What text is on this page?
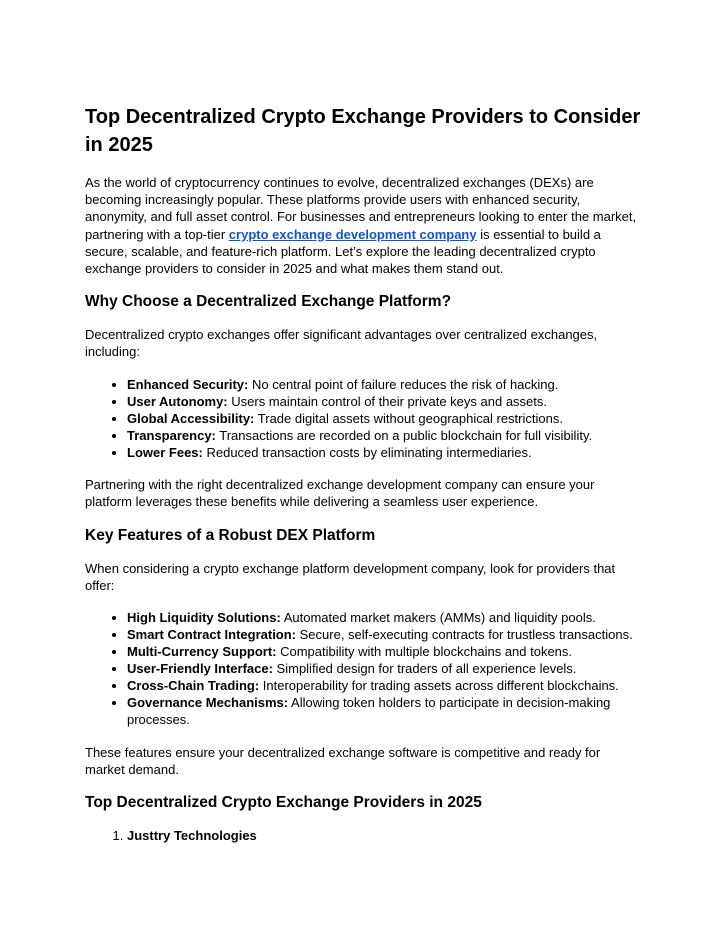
Top Decentralized Crypto Exchange Providers to Consider in 2025

As the world of cryptocurrency continues to evolve, decentralized exchanges (DEXs) are becoming increasingly popular. These platforms provide users with enhanced security, anonymity, and full asset control. For businesses and entrepreneurs looking to enter the market, partnering with a top-tier crypto exchange development company is essential to build a secure, scalable, and feature-rich platform. Let’s explore the leading decentralized crypto exchange providers to consider in 2025 and what makes them stand out.

Why Choose a Decentralized Exchange Platform?

Decentralized crypto exchanges offer significant advantages over centralized exchanges, including:

• Enhanced Security: No central point of failure reduces the risk of hacking.
• User Autonomy: Users maintain control of their private keys and assets.
• Global Accessibility: Trade digital assets without geographical restrictions.
• Transparency: Transactions are recorded on a public blockchain for full visibility.
• Lower Fees: Reduced transaction costs by eliminating intermediaries.

Partnering with the right decentralized exchange development company can ensure your platform leverages these benefits while delivering a seamless user experience.

Key Features of a Robust DEX Platform

When considering a crypto exchange platform development company, look for providers that offer:

• High Liquidity Solutions: Automated market makers (AMMs) and liquidity pools.
• Smart Contract Integration: Secure, self-executing contracts for trustless transactions.
• Multi-Currency Support: Compatibility with multiple blockchains and tokens.
• User-Friendly Interface: Simplified design for traders of all experience levels.
• Cross-Chain Trading: Interoperability for trading assets across different blockchains.
• Governance Mechanisms: Allowing token holders to participate in decision-making processes.

These features ensure your decentralized exchange software is competitive and ready for market demand.

Top Decentralized Crypto Exchange Providers in 2025
1. Justtry Technologies
